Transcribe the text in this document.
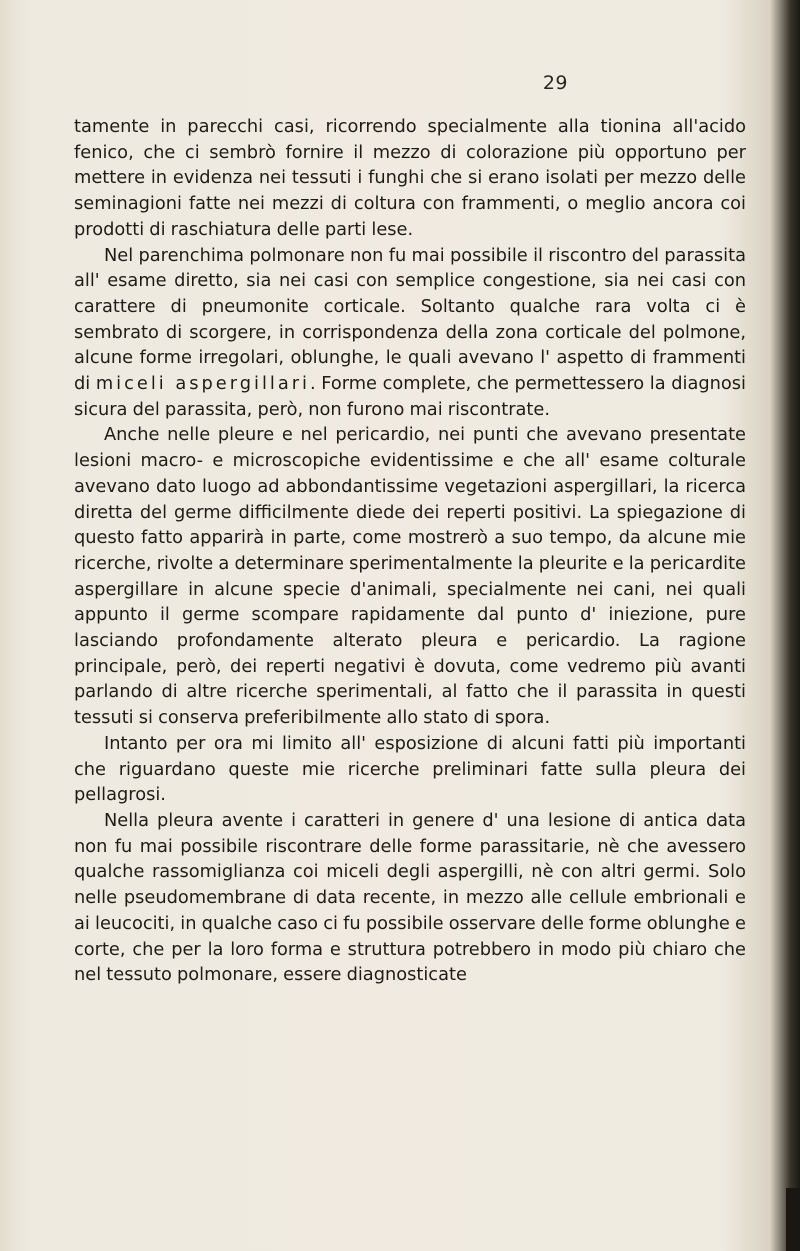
29

tamente in parecchi casi, ricorrendo specialmente alla tionina all'acido fenico, che ci sembrò fornire il mezzo di colorazione più opportuno per mettere in evidenza nei tessuti i funghi che si erano isolati per mezzo delle seminagioni fatte nei mezzi di coltura con frammenti, o meglio ancora coi prodotti di raschiatura delle parti lese.

Nel parenchima polmonare non fu mai possibile il riscontro del parassita all' esame diretto, sia nei casi con semplice congestione, sia nei casi con carattere di pneumonite corticale. Soltanto qualche rara volta ci è sembrato di scorgere, in corrispondenza della zona corticale del polmone, alcune forme irregolari, oblunghe, le quali avevano l' aspetto di frammenti di miceli aspergillari. Forme complete, che permettessero la diagnosi sicura del parassita, però, non furono mai riscontrate.

Anche nelle pleure e nel pericardio, nei punti che avevano presentate lesioni macro- e microscopiche evidentissime e che all' esame colturale avevano dato luogo ad abbondantissime vegetazioni aspergillari, la ricerca diretta del germe difficilmente diede dei reperti positivi. La spiegazione di questo fatto apparirà in parte, come mostrerò a suo tempo, da alcune mie ricerche, rivolte a determinare sperimentalmente la pleurite e la pericardite aspergillare in alcune specie d'animali, specialmente nei cani, nei quali appunto il germe scompare rapidamente dal punto d' iniezione, pure lasciando profondamente alterato pleura e pericardio. La ragione principale, però, dei reperti negativi è dovuta, come vedremo più avanti parlando di altre ricerche sperimentali, al fatto che il parassita in questi tessuti si conserva preferibilmente allo stato di spora.

Intanto per ora mi limito all' esposizione di alcuni fatti più importanti che riguardano queste mie ricerche preliminari fatte sulla pleura dei pellagrosi.

Nella pleura avente i caratteri in genere d' una lesione di antica data non fu mai possibile riscontrare delle forme parassitarie, nè che avessero qualche rassomiglianza coi miceli degli aspergilli, nè con altri germi. Solo nelle pseudomembrane di data recente, in mezzo alle cellule embrionali e ai leucociti, in qualche caso ci fu possibile osservare delle forme oblunghe e corte, che per la loro forma e struttura potrebbero in modo più chiaro che nel tessuto polmonare, essere diagnosticate
